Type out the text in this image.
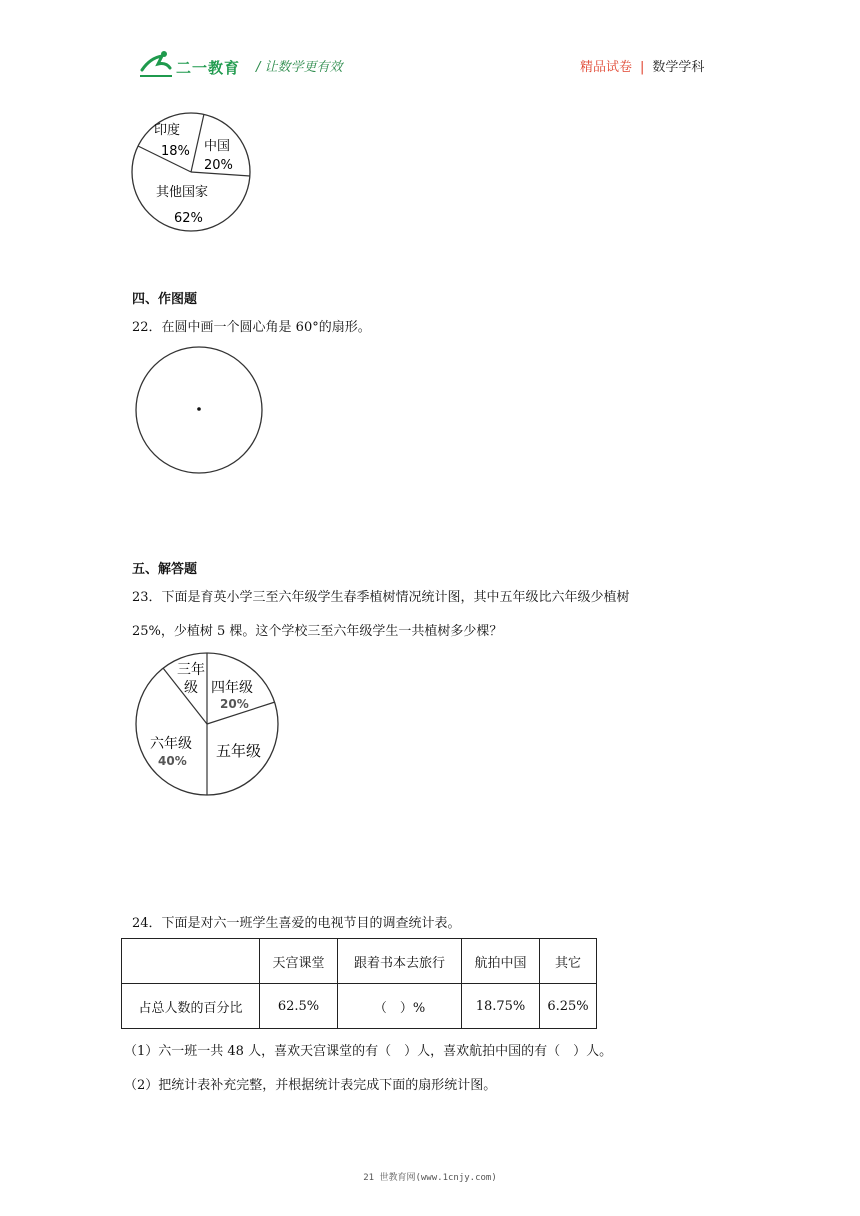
二一教育 / 让数学更有效	精品试卷 | 数学学科
印度
18% 中国
20%
其他国家
62%
四、作图题
22．在圆中画一个圆心角是 60°的扇形。
五、解答题
23．下面是育英小学三至六年级学生春季植树情况统计图，其中五年级比六年级少植树
25%，少植树 5 棵。这个学校三至六年级学生一共植树多少棵？
三年
级 四年级
20%
五年级
六年级
40%
24．下面是对六一班学生喜爱的电视节目的调查统计表。
	天宫课堂	跟着书本去旅行	航拍中国	其它
占总人数的百分比	62.5%	（　）%	18.75%	6.25%
（1）六一班一共 48 人，喜欢天宫课堂的有（　）人，喜欢航拍中国的有（　）人。
（2）把统计表补充完整，并根据统计表完成下面的扇形统计图。
21 世教育网(www.1cnjy.com)
